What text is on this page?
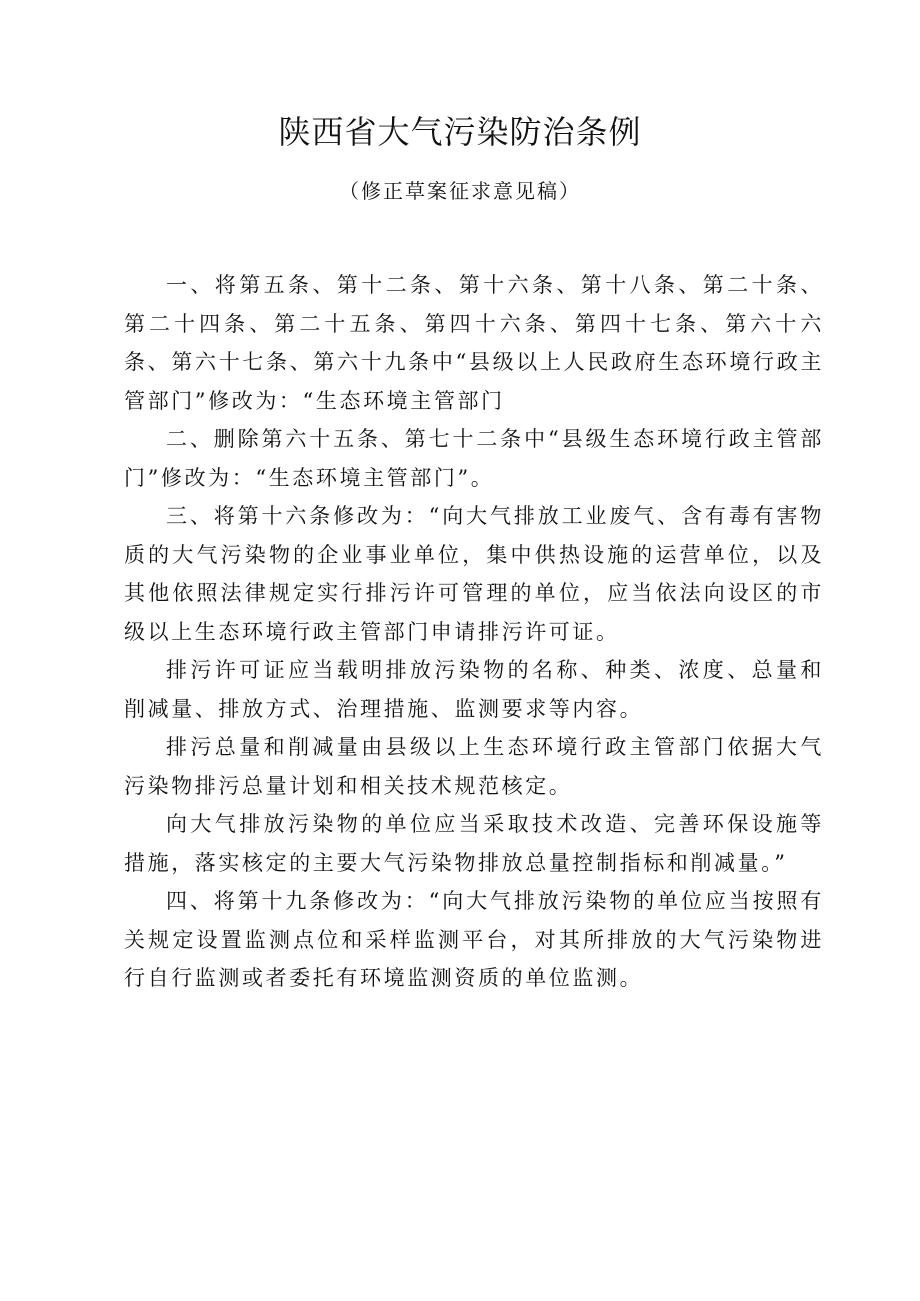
陕西省大气污染防治条例
（修正草案征求意见稿）

一、将第五条、第十二条、第十六条、第十八条、第二十条、第二十四条、第二十五条、第四十六条、第四十七条、第六十六条、第六十七条、第六十九条中“县级以上人民政府生态环境行政主管部门”修改为：“生态环境主管部门

二、删除第六十五条、第七十二条中“县级生态环境行政主管部门”修改为：“生态环境主管部门”。

三、将第十六条修改为：“向大气排放工业废气、含有毒有害物质的大气污染物的企业事业单位，集中供热设施的运营单位，以及其他依照法律规定实行排污许可管理的单位，应当依法向设区的市级以上生态环境行政主管部门申请排污许可证。

排污许可证应当载明排放污染物的名称、种类、浓度、总量和削减量、排放方式、治理措施、监测要求等内容。

排污总量和削减量由县级以上生态环境行政主管部门依据大气污染物排污总量计划和相关技术规范核定。

向大气排放污染物的单位应当采取技术改造、完善环保设施等措施，落实核定的主要大气污染物排放总量控制指标和削减量。”

四、将第十九条修改为：“向大气排放污染物的单位应当按照有关规定设置监测点位和采样监测平台，对其所排放的大气污染物进行自行监测或者委托有环境监测资质的单位监测。
